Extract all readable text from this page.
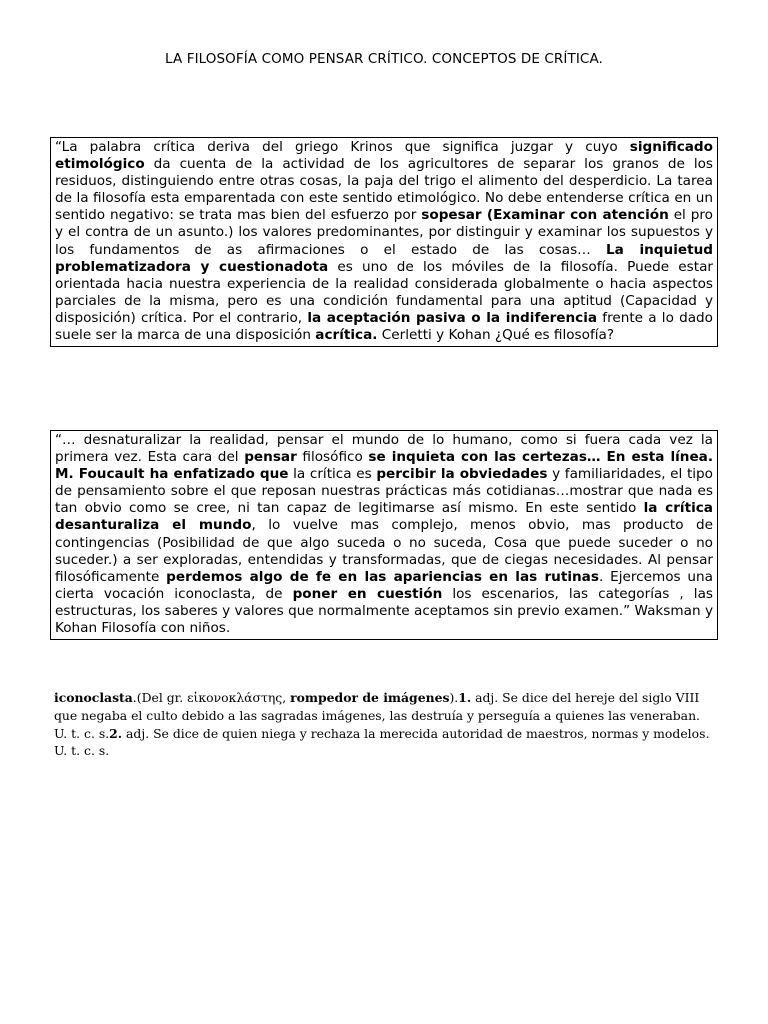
LA FILOSOFÍA COMO PENSAR CRÍTICO. CONCEPTOS DE CRÍTICA.

“La palabra crítica deriva del griego Krinos que significa juzgar y cuyo significado etimológico da cuenta de la actividad de los agricultores de separar los granos de los residuos, distinguiendo entre otras cosas, la paja del trigo el alimento del desperdicio. La tarea de la filosofía esta emparentada con este sentido etimológico. No debe entenderse crítica en un sentido negativo: se trata mas bien del esfuerzo por sopesar (Examinar con atención el pro y el contra de un asunto.) los valores predominantes, por distinguir y examinar los supuestos y los fundamentos de as afirmaciones o el estado de las cosas… La inquietud problematizadora y cuestionadota es uno de los móviles de la filosofía. Puede estar orientada hacia nuestra experiencia de la realidad considerada globalmente o hacia aspectos parciales de la misma, pero es una condición fundamental para una aptitud (Capacidad y disposición) crítica. Por el contrario, la aceptación pasiva o la indiferencia frente a lo dado suele ser la marca de una disposición acrítica. Cerletti y Kohan ¿Qué es filosofía?

“… desnaturalizar la realidad, pensar el mundo de lo humano, como si fuera cada vez la primera vez. Esta cara del pensar filosófico se inquieta con las certezas… En esta línea. M. Foucault ha enfatizado que la crítica es percibir la obviedades y familiaridades, el tipo de pensamiento sobre el que reposan nuestras prácticas más cotidianas…mostrar que nada es tan obvio como se cree, ni tan capaz de legitimarse así mismo. En este sentido la crítica desanturaliza el mundo, lo vuelve mas complejo, menos obvio, mas producto de contingencias (Posibilidad de que algo suceda o no suceda, Cosa que puede suceder o no suceder.) a ser exploradas, entendidas y transformadas, que de ciegas necesidades. Al pensar filosóficamente perdemos algo de fe en las apariencias en las rutinas. Ejercemos una cierta vocación iconoclasta, de poner en cuestión los escenarios, las categorías , las estructuras, los saberes y valores que normalmente aceptamos sin previo examen.” Waksman y Kohan Filosofía con niños.

iconoclasta.(Del gr. εἰκονοκλάστης, rompedor de imágenes).1. adj. Se dice del hereje del siglo VIII que negaba el culto debido a las sagradas imágenes, las destruía y perseguía a quienes las veneraban. U. t. c. s.2. adj. Se dice de quien niega y rechaza la merecida autoridad de maestros, normas y modelos. U. t. c. s.
